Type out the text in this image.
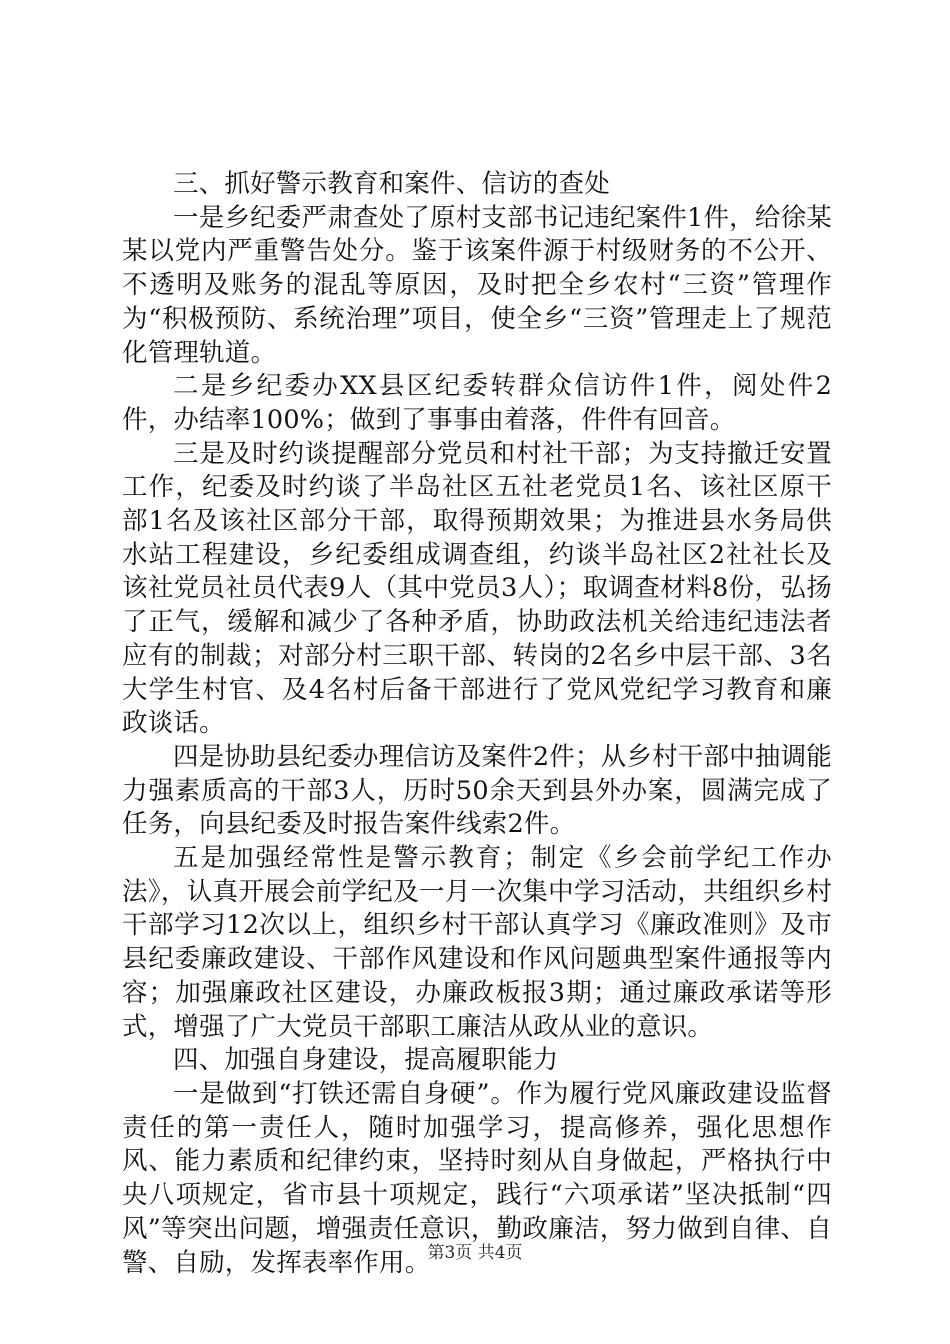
三、抓好警示教育和案件、信访的查处

一是乡纪委严肃查处了原村支部书记违纪案件1件，给徐某某以党内严重警告处分。鉴于该案件源于村级财务的不公开、不透明及账务的混乱等原因，及时把全乡农村“三资”管理作为“积极预防、系统治理”项目，使全乡“三资”管理走上了规范化管理轨道。

二是乡纪委办XX县区纪委转群众信访件1件，阅处件2件，办结率100%；做到了事事由着落，件件有回音。

三是及时约谈提醒部分党员和村社干部；为支持撤迁安置工作，纪委及时约谈了半岛社区五社老党员1名、该社区原干部1名及该社区部分干部，取得预期效果；为推进县水务局供水站工程建设，乡纪委组成调查组，约谈半岛社区2社社长及该社党员社员代表9人（其中党员3人）；取调查材料8份，弘扬了正气，缓解和减少了各种矛盾，协助政法机关给违纪违法者应有的制裁；对部分村三职干部、转岗的2名乡中层干部、3名大学生村官、及4名村后备干部进行了党风党纪学习教育和廉政谈话。

四是协助县纪委办理信访及案件2件；从乡村干部中抽调能力强素质高的干部3人，历时50余天到县外办案，圆满完成了任务，向县纪委及时报告案件线索2件。

五是加强经常性是警示教育；制定《乡会前学纪工作办法》，认真开展会前学纪及一月一次集中学习活动，共组织乡村干部学习12次以上，组织乡村干部认真学习《廉政准则》及市县纪委廉政建设、干部作风建设和作风问题典型案件通报等内容；加强廉政社区建设，办廉政板报3期；通过廉政承诺等形式，增强了广大党员干部职工廉洁从政从业的意识。

四、加强自身建设，提高履职能力

一是做到“打铁还需自身硬”。作为履行党风廉政建设监督责任的第一责任人，随时加强学习，提高修养，强化思想作风、能力素质和纪律约束，坚持时刻从自身做起，严格执行中央八项规定，省市县十项规定，践行“六项承诺”坚决抵制“四风”等突出问题，增强责任意识，勤政廉洁，努力做到自律、自警、自励，发挥表率作用。

第3页 共4页
